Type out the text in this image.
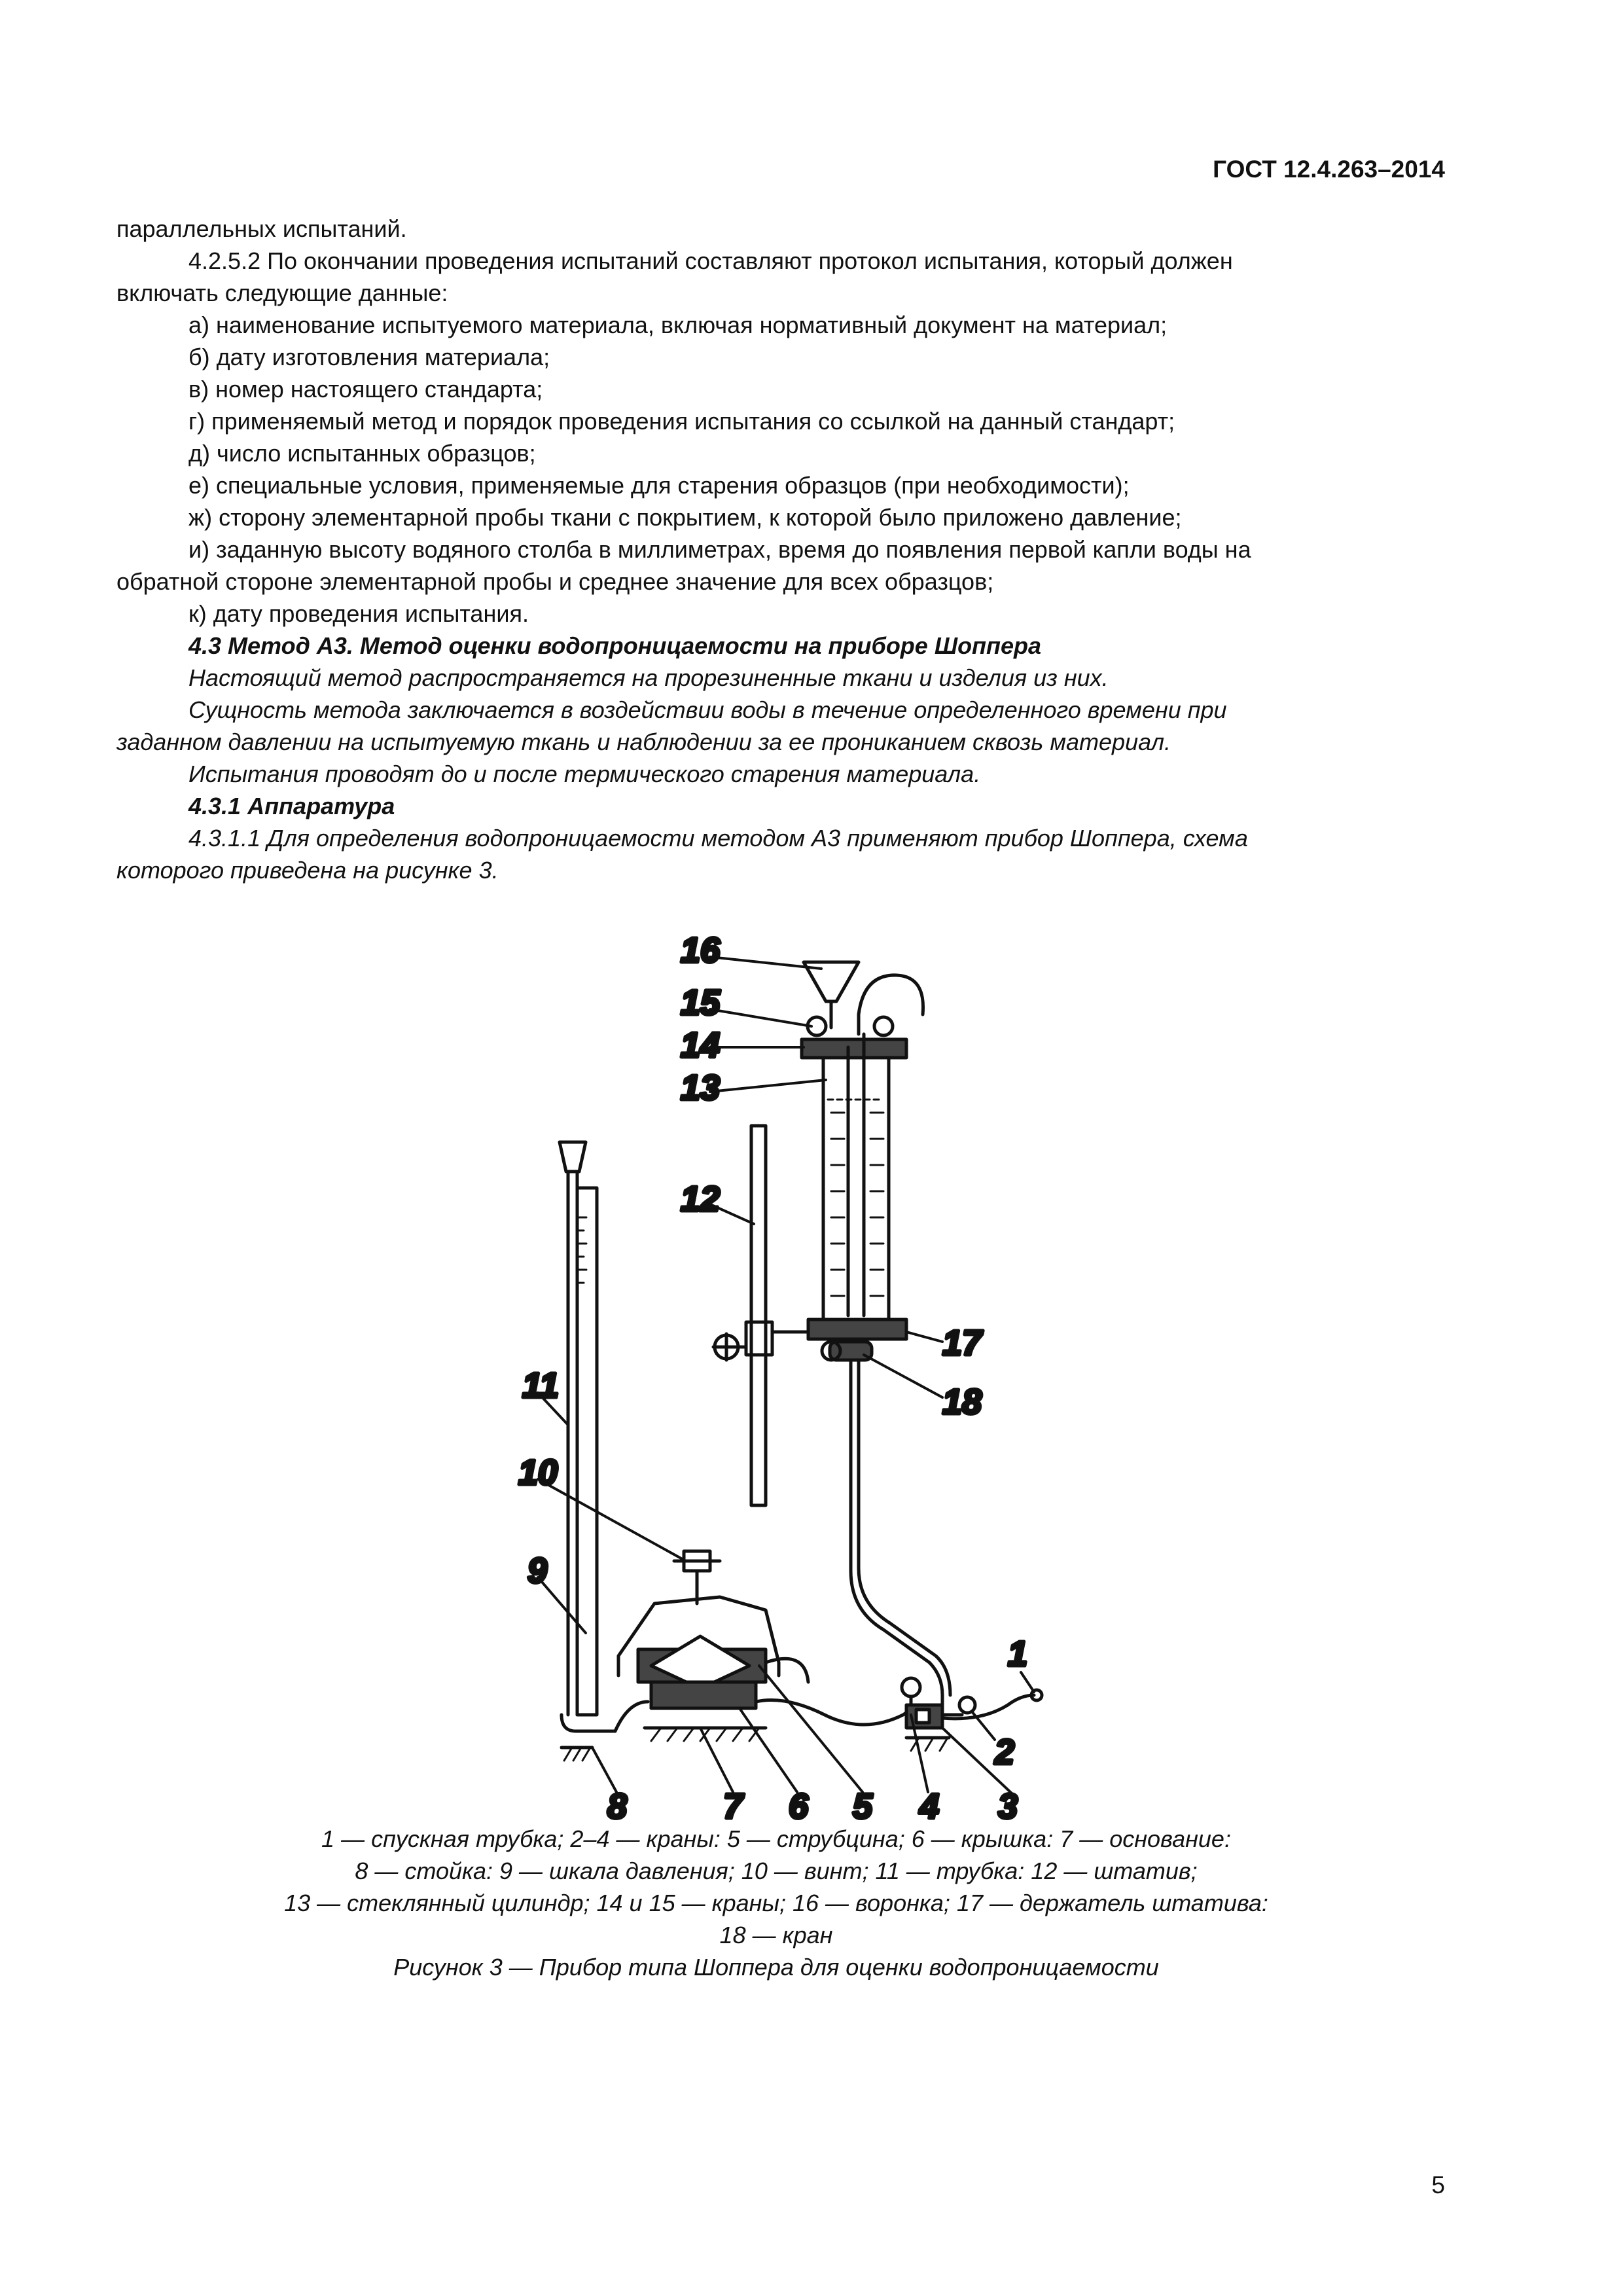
ГОСТ 12.4.263–2014

параллельных испытаний.

4.2.5.2 По окончании проведения испытаний составляют протокол испытания, который должен

включать следующие данные:

а) наименование испытуемого материала, включая нормативный документ на материал;

б) дату изготовления материала;

в) номер настоящего стандарта;

г) применяемый метод и порядок проведения испытания со ссылкой на данный стандарт;

д) число испытанных образцов;

е) специальные условия, применяемые для старения образцов (при необходимости);

ж) сторону элементарной пробы ткани с покрытием, к которой было приложено давление;

и) заданную высоту водяного столба в миллиметрах, время до появления первой капли воды на

обратной стороне элементарной пробы и среднее значение для всех образцов;

к) дату проведения испытания.

4.3 Метод А3. Метод оценки водопроницаемости на приборе Шоппера

Настоящий метод распространяется на прорезиненные ткани и изделия из них.

Сущность метода заключается в воздействии воды в течение определенного времени при

заданном давлении на испытуемую ткань и наблюдении за ее прониканием сквозь материал.

Испытания проводят до и после термического старения материала.

4.3.1 Аппаратура

4.3.1.1 Для определения водопроницаемости методом А3 применяют прибор Шоппера, схема

которого приведена на рисунке 3.

16
15
14
13
12
17
18
11
10
9
1
2
3
4
5
6
7
8

1 — спускная трубка; 2–4 — краны: 5 — струбцина; 6 — крышка: 7 — основание:

8 — стойка: 9 — шкала давления; 10 — винт; 11 — трубка: 12 — штатив;

13 — стеклянный цилиндр; 14 и 15 — краны; 16 — воронка; 17 — держатель штатива:

18 — кран

Рисунок 3 — Прибор типа Шоппера для оценки водопроницаемости

5
